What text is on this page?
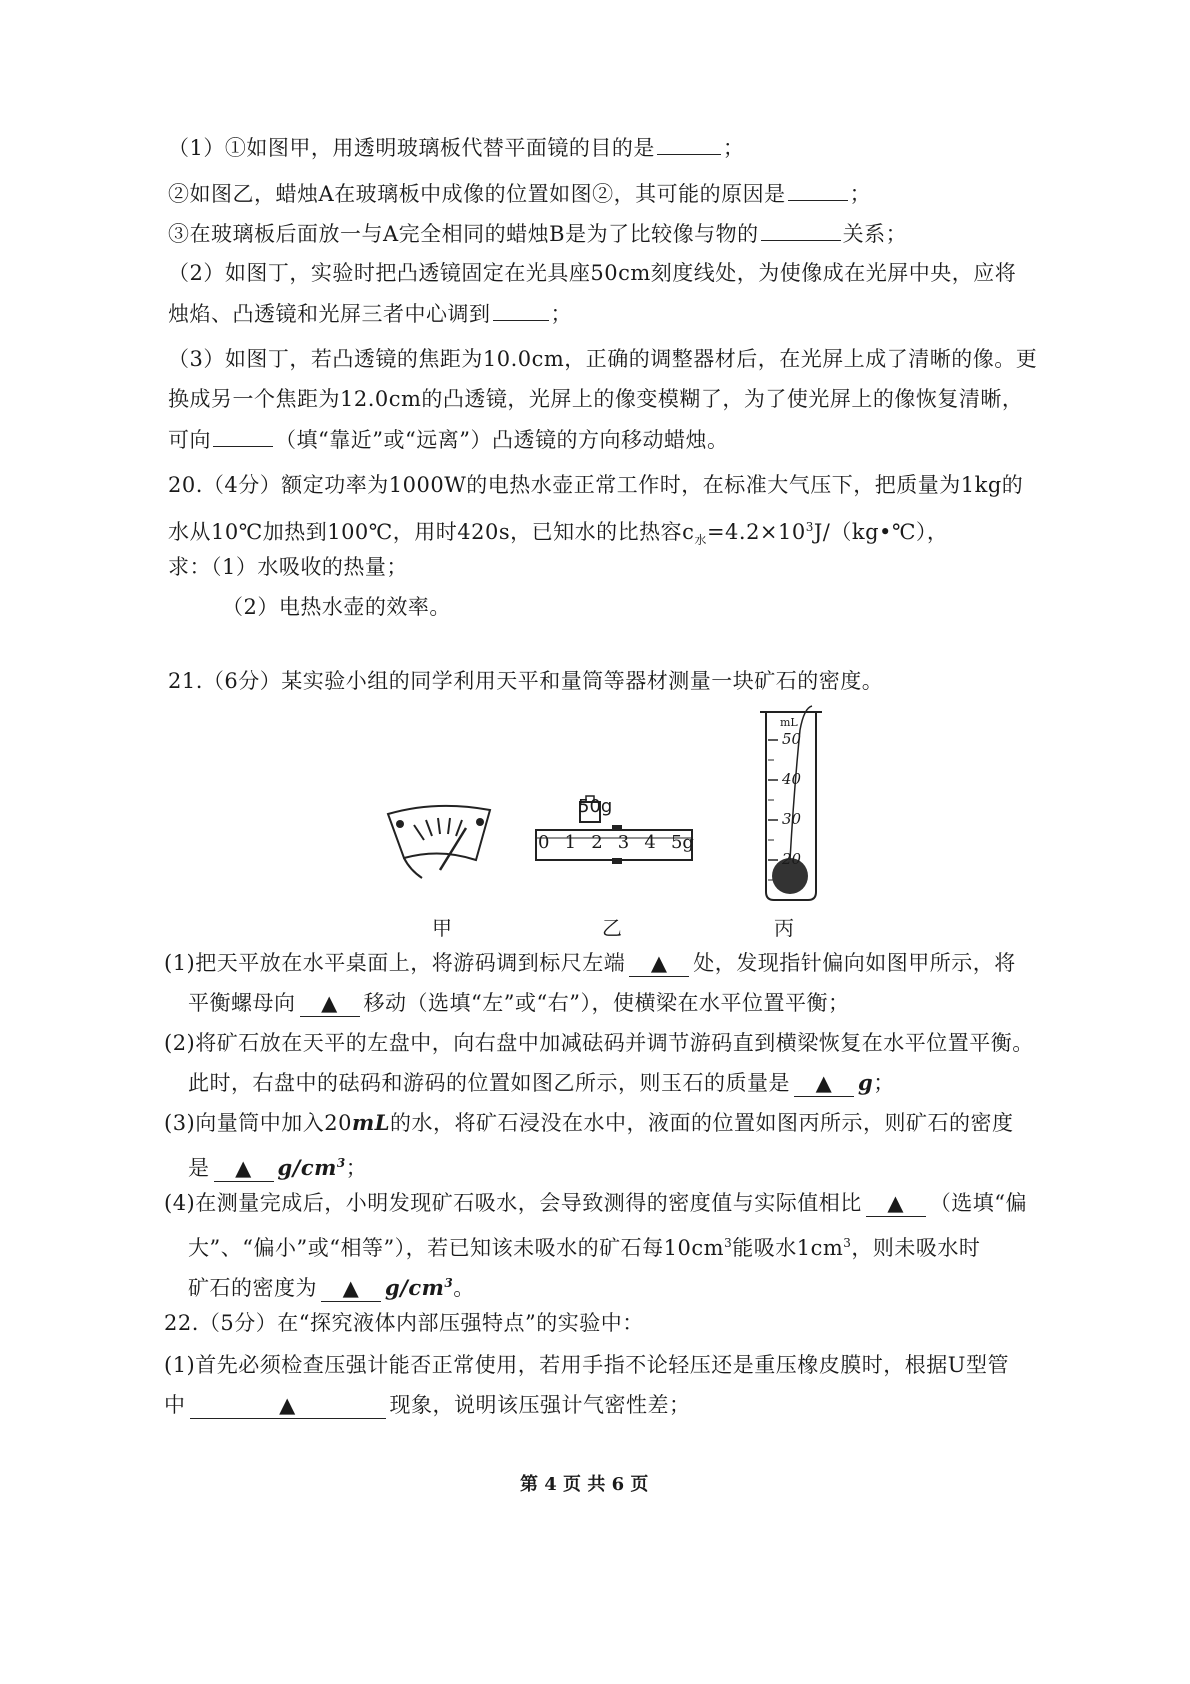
（1）①如图甲，用透明玻璃板代替平面镜的目的是	；
②如图乙，蜡烛A在玻璃板中成像的位置如图②，其可能的原因是	；
③在玻璃板后面放一与A完全相同的蜡烛B是为了比较像与物的	关系；
（2）如图丁，实验时把凸透镜固定在光具座50cm刻度线处，为使像成在光屏中央，应将
烛焰、凸透镜和光屏三者中心调到	；
（3）如图丁，若凸透镜的焦距为10.0cm，正确的调整器材后，在光屏上成了清晰的像。更
换成另一个焦距为12.0cm的凸透镜，光屏上的像变模糊了，为了使光屏上的像恢复清晰，
可向	（填“靠近”或“远离”）凸透镜的方向移动蜡烛。
20.（4分）额定功率为1000W的电热水壶正常工作时，在标准大气压下，把质量为1kg的
水从10℃加热到100℃，用时420s，已知水的比热容$c_水=4.2\times 10^3J/(kg•℃)$，
求：（1）水吸收的热量；
（2）电热水壶的效率。
21.（6分）某实验小组的同学利用天平和量筒等器材测量一块矿石的密度。
50g
0 1 2 3 4 5g
mL
50
40
30
20
甲	乙	丙
(1)把天平放在水平桌面上，将游码调到标尺左端 ▲ 处，发现指针偏向如图甲所示，将
平衡螺母向 ▲ 移动（选填“左”或“右”），使横梁在水平位置平衡；
(2)将矿石放在天平的左盘中，向右盘中加减砝码并调节游码直到横梁恢复在水平位置平衡。
此时，右盘中的砝码和游码的位置如图乙所示，则玉石的质量是 ▲ g；
(3)向量筒中加入20mL的水，将矿石浸没在水中，液面的位置如图丙所示，则矿石的密度
是 ▲ $g/cm^3$；
(4)在测量完成后，小明发现矿石吸水，会导致测得的密度值与实际值相比 ▲ （选填“偏
大”、“偏小”或“相等”），若已知该未吸水的矿石每$10cm^3$能吸水$1cm^3$，则未吸水时
矿石的密度为 ▲ $g/cm^3$。
22.（5分）在“探究液体内部压强特点”的实验中：
(1)首先必须检查压强计能否正常使用，若用手指不论轻压还是重压橡皮膜时，根据U型管
中	▲	现象，说明该压强计气密性差；
第 4 页 共 6 页
